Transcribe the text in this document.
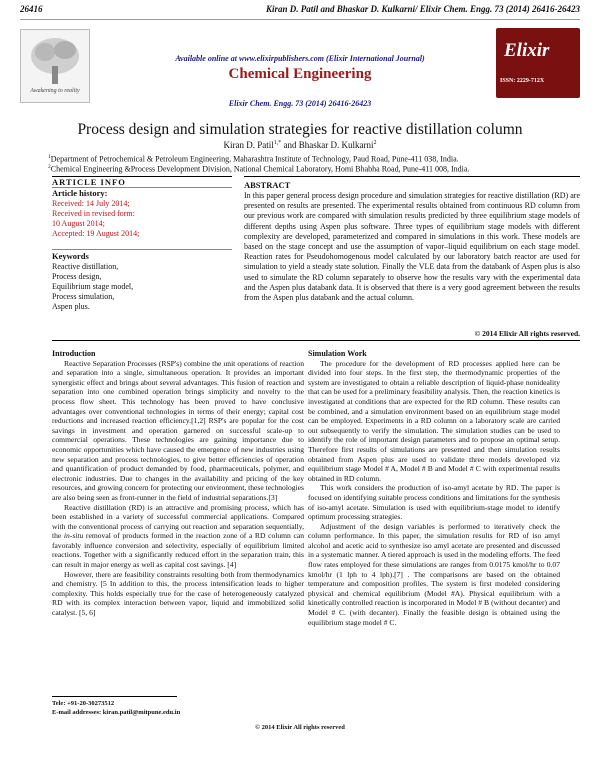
26416	Kiran D. Patil and Bhaskar D. Kulkarni/ Elixir Chem. Engg. 73 (2014) 26416-26423
Awakening to reality
Available online at www.elixirpublishers.com (Elixir International Journal)
Chemical Engineering
Elixir Chem. Engg. 73 (2014) 26416-26423
Elixir
ISSN: 2229-712X
Process design and simulation strategies for reactive distillation column
Kiran D. Patil$^{1,*}$ and Bhaskar D. Kulkarni$^2$
$^1$Department of Petrochemical & Petroleum Engineering, Maharashtra Institute of Technology, Paud Road, Pune-411 038, India.
$^2$Chemical Engineering &Process Development Division, National Chemical Laboratory, Homi Bhabha Road, Pune-411 008, India.
ARTICLE INFO
Article history:
Received: 14 July 2014;
Received in revised form:
10 August 2014;
Accepted: 19 August 2014;
Keywords
Reactive distillation,
Process design,
Equilibrium stage model,
Process simulation,
Aspen plus.
ABSTRACT
In this paper general process design procedure and simulation strategies for reactive distillation (RD) are presented on results are presented. The experimental results obtained from continuous RD column from our previous work are compared with simulation results predicted by three equilibrium stage models of different depths using Aspen plus software. Three types of equilibrium stage models with different complexity are developed, parameterized and compared in simulations in this work. These models are based on the stage concept and use the assumption of vapor–liquid equilibrium on each stage model. Reaction rates for Pseudohomogenous model calculated by our laboratory batch reactor are used for simulation to yield a steady state solution. Finally the VLE data from the databank of Aspen plus is also used to simulate the RD column separately to observe how the results vary with the experimental data and the Aspen plus databank data. It is observed that there is a very good agreement between the results from the Aspen plus databank and the actual column.
© 2014 Elixir All rights reserved.
Introduction

Reactive Separation Processes (RSP's) combine the unit operations of reaction and separation into a single, simultaneous operation. It provides an important synergistic effect and brings about several advantages. This fusion of reaction and separation into one combined operation brings simplicity and novelty to the process flow sheet. This technology has been proved to have conclusive advantages over conventional technologies in terms of their energy; capital cost reductions and increased reaction efficiency.[1,2] RSP's are popular for the cost savings in investment and operation garnered on successful scale-up to commercial operations. These technologies are gaining importance due to economic opportunities which have caused the emergence of new industries using new separation and process technologies, to give better efficiencies of operation and quantification of product demanded by food, pharmaceuticals, polymer, and electronic industries. Due to changes in the availability and pricing of the key resources, and growing concern for protecting our environment, these technologies are also being seen as front-runner in the field of industrial separations.[3]

Reactive distillation (RD) is an attractive and promising process, which has been established in a variety of successful commercial applications. Compared with the conventional process of carrying out reaction and separation sequentially, the in-situ removal of products formed in the reaction zone of a RD column can favorably influence conversion and selectivity, especially of equilibrium limited reactions. Together with a significantly reduced effort in the separation train, this can result in major energy as well as capital cost savings. [4]

However, there are feasibility constraints resulting both from thermodynamics and chemistry. [5 In addition to this, the process intensification leads to higher complexity. This holds especially true for the case of heterogeneously catalyzed RD with its complex interaction between vapor, liquid and immobilized solid catalyst. [5, 6]

Simulation Work

The procedure for the development of RD processes applied here can be divided into four steps. In the first step, the thermodynamic properties of the system are investigated to obtain a reliable description of liquid-phase nonideality that can be used for a preliminary feasibility analysis. Then, the reaction kinetics is investigated at conditions that are expected for the RD column. These results can be combined, and a simulation environment based on an equilibrium stage model can be employed. Experiments in a RD column on a laboratory scale are carried out subsequently to verify the simulation. The simulation studies can be used to identify the role of important design parameters and to propose an optimal setup. Therefore first results of simulations are presented and then simulation results obtained from Aspen plus are used to validate three models developed viz equilibrium stage Model # A, Model # B and Model # C with experimental results obtained in RD column.

This work considers the production of iso-amyl acetate by RD. The paper is focused on identifying suitable process conditions and limitations for the synthesis of iso-amyl acetate. Simulation is used with equilibrium-stage model to identify optimum processing strategies.

Adjustment of the design variables is performed to iteratively check the column performance. In this paper, the simulation results for RD of iso amyl alcohol and acetic acid to synthesize iso amyl acetate are presented and discussed in a systematic manner. A tiered approach is used in the modeling efforts. The feed flow rates employed for these simulations are ranges from 0.0175 kmol/hr to 0.07 kmol/hr (1 lph to 4 lph).[7] . The comparisons are based on the obtained temperature and composition profiles. The system is first modeled considering physical and chemical equilibrium (Model #A). Physical equilibrium with a kinetically controlled reaction is incorporated in Model # B (without decanter) and Model # C. (with decanter). Finally the feasible design is obtained using the equilibrium stage model # C.

Tele: +91-20-30273512
E-mail addresses: kiran.patil@mitpune.edu.in
© 2014 Elixir All rights reserved
